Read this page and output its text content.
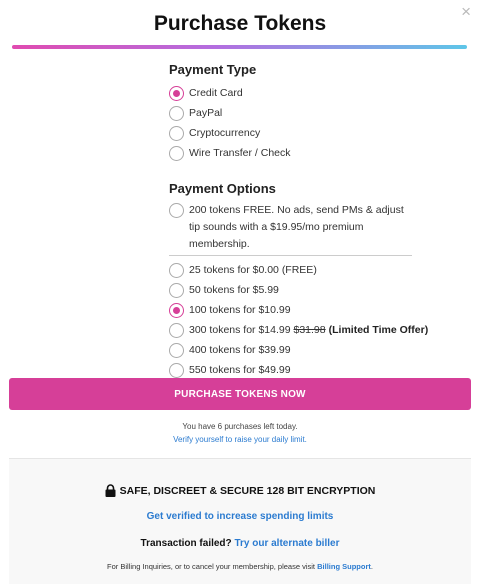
×
Purchase Tokens
Payment Type
Credit Card
PayPal
Cryptocurrency
Wire Transfer / Check
Payment Options
200 tokens FREE. No ads, send PMs & adjust tip sounds with a $19.95/mo premium membership.
25 tokens for $0.00 (FREE)
50 tokens for $5.99
100 tokens for $10.99
300 tokens for $14.99
$31.98 (Limited Time Offer)
400 tokens for $39.99
550 tokens for $49.99
PURCHASE TOKENS NOW
You have 6 purchases left today.
Verify yourself to raise your daily limit.
SAFE, DISCREET & SECURE 128 BIT ENCRYPTION
Get verified to increase spending limits
Transaction failed? Try our alternate biller
For Billing Inquiries, or to cancel your membership, please visit Billing Support.
